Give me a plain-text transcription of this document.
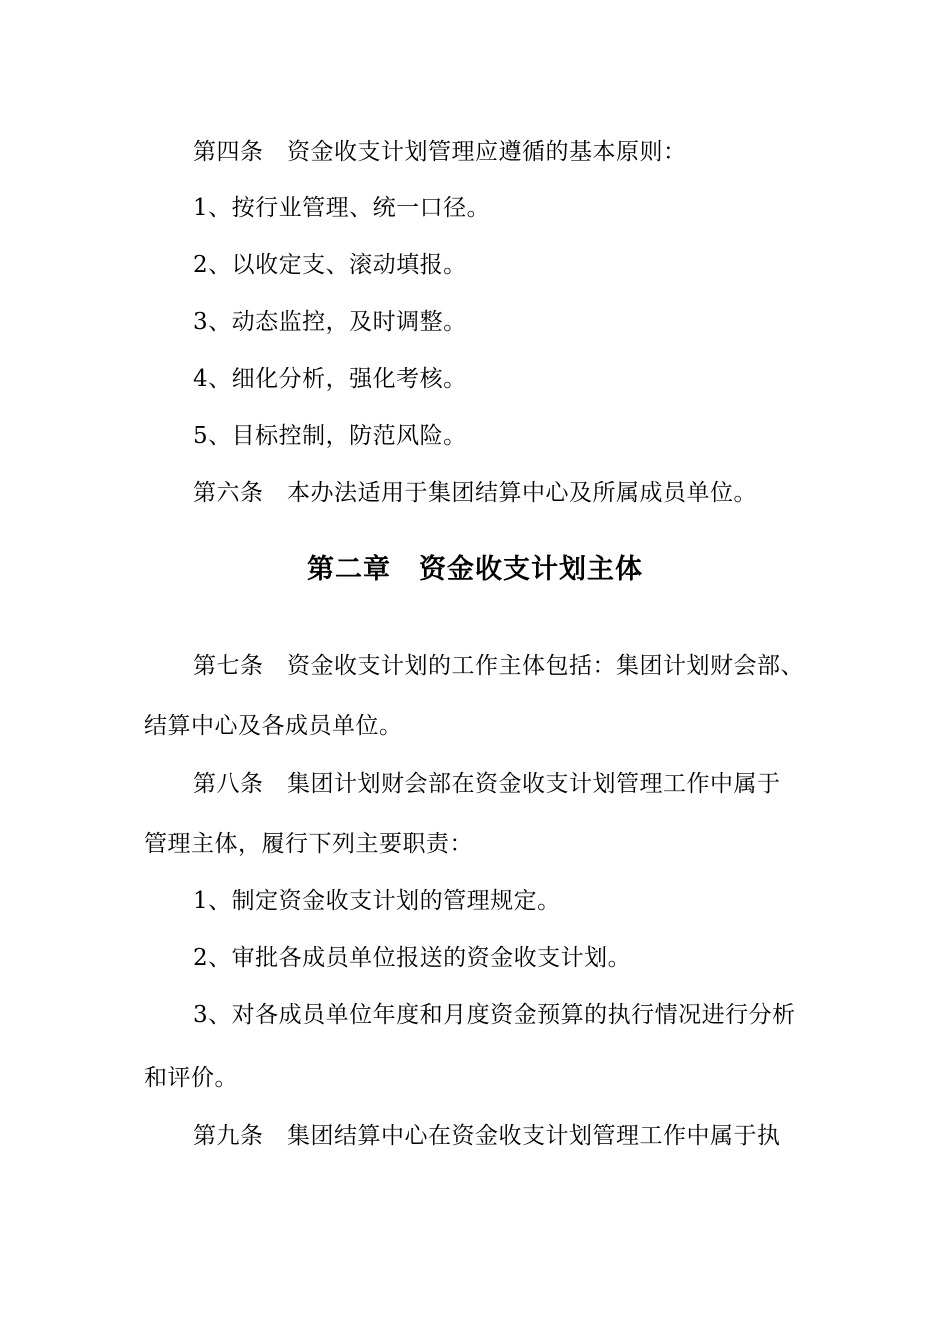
第四条　资金收支计划管理应遵循的基本原则：
1、按行业管理、统一口径。
2、以收定支、滚动填报。
3、动态监控，及时调整。
4、细化分析，强化考核。
5、目标控制，防范风险。
第六条　本办法适用于集团结算中心及所属成员单位。
第二章　资金收支计划主体
第七条　资金收支计划的工作主体包括：集团计划财会部、
结算中心及各成员单位。
第八条　集团计划财会部在资金收支计划管理工作中属于
管理主体，履行下列主要职责：
1、制定资金收支计划的管理规定。
2、审批各成员单位报送的资金收支计划。
3、对各成员单位年度和月度资金预算的执行情况进行分析
和评价。
第九条　集团结算中心在资金收支计划管理工作中属于执
